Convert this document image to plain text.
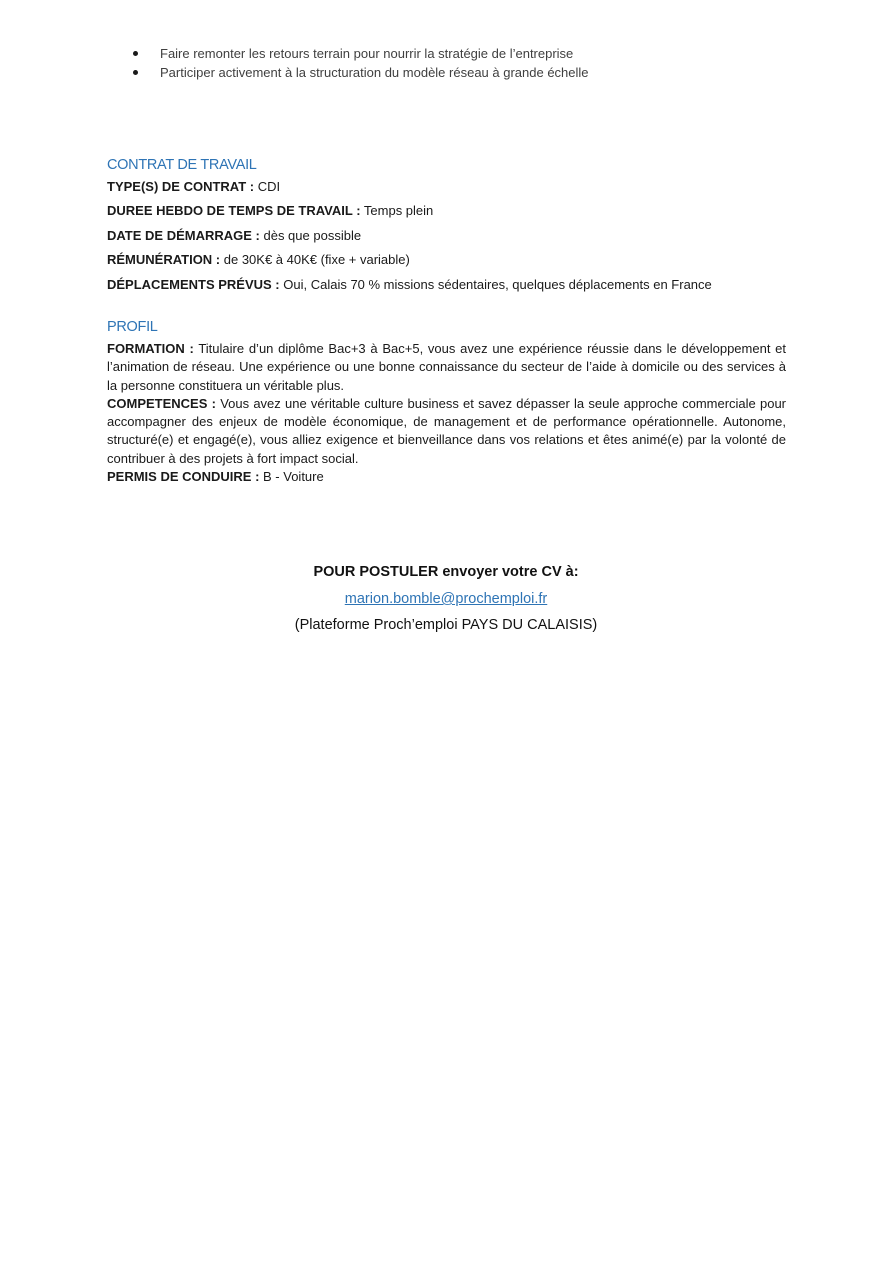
Faire remonter les retours terrain pour nourrir la stratégie de l’entreprise
Participer activement à la structuration du modèle réseau à grande échelle
CONTRAT DE TRAVAIL
TYPE(S) DE CONTRAT : CDI
DUREE HEBDO DE TEMPS DE TRAVAIL : Temps plein
DATE DE DÉMARRAGE : dès que possible
RÉMUNÉRATION : de 30K€ à 40K€ (fixe + variable)
DÉPLACEMENTS PRÉVUS : Oui, Calais 70 % missions sédentaires, quelques déplacements en France
PROFIL

FORMATION : Titulaire d’un diplôme Bac+3 à Bac+5, vous avez une expérience réussie dans le développement et l’animation de réseau. Une expérience ou une bonne connaissance du secteur de l’aide à domicile ou des services à la personne constituera un véritable plus.

COMPETENCES : Vous avez une véritable culture business et savez dépasser la seule approche commerciale pour accompagner des enjeux de modèle économique, de management et de performance opérationnelle. Autonome, structuré(e) et engagé(e), vous alliez exigence et bienveillance dans vos relations et êtes animé(e) par la volonté de contribuer à des projets à fort impact social.

PERMIS DE CONDUIRE : B - Voiture

POUR POSTULER envoyer votre CV à:
marion.bomble@prochemploi.fr
(Plateforme Proch’emploi PAYS DU CALAISIS)
